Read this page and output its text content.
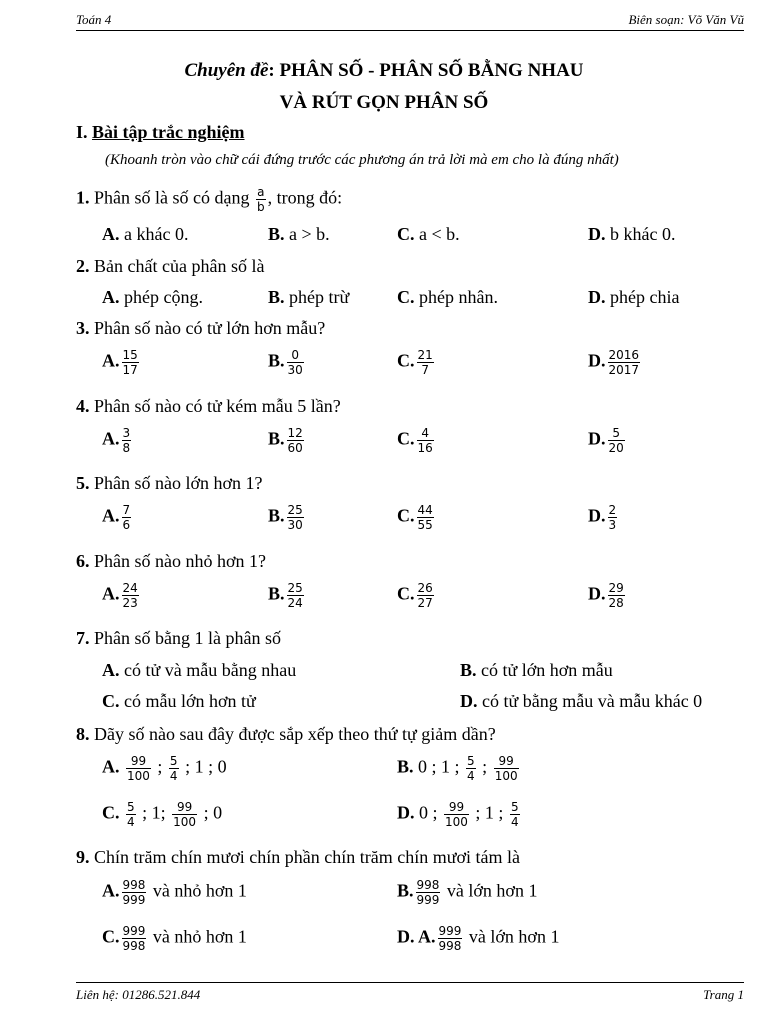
Toán 4	Biên soạn: Võ Văn Vũ
Chuyên đề: PHÂN SỐ - PHÂN SỐ BẰNG NHAU
VÀ RÚT GỌN PHÂN SỐ
I. Bài tập trắc nghiệm
(Khoanh tròn vào chữ cái đứng trước các phương án trả lời mà em cho là đúng nhất)
1. Phân số là số có dạng $\frac{a}{b}$ , trong đó:
A. a khác 0.	B. a > b.	C. a < b.	D. b khác 0.
2. Bản chất của phân số là
A. phép cộng.	B. phép trừ	C. phép nhân.	D. phép chia
3. Phân số nào có tử lớn hơn mẫu?
A. $\frac{15}{17}$	B. $\frac{0}{30}$	C. $\frac{21}{7}$	D. $\frac{2016}{2017}$
4. Phân số nào có tử kém mẫu 5 lần?
A. $\frac{3}{8}$	B. $\frac{12}{60}$	C. $\frac{4}{16}$	D. $\frac{5}{20}$
5. Phân số nào lớn hơn 1?
A. $\frac{7}{6}$	B. $\frac{25}{30}$	C. $\frac{44}{55}$	D. $\frac{2}{3}$
6. Phân số nào nhỏ hơn 1?
A. $\frac{24}{23}$	B. $\frac{25}{24}$	C. $\frac{26}{27}$	D. $\frac{29}{28}$
7. Phân số bằng 1 là phân số
A. có tử và mẫu bằng nhau	B. có tử lớn hơn mẫu
C. có mẫu lớn hơn tử	D. có tử bằng mẫu và mẫu khác 0
8. Dãy số nào sau đây được sắp xếp theo thứ tự giảm dần?
A. $\frac{99}{100}$ ; $\frac{5}{4}$ ; 1 ; 0	B. 0 ; 1 ; $\frac{5}{4}$ ; $\frac{99}{100}$
C. $\frac{5}{4}$ ; 1; $\frac{99}{100}$ ; 0	D. 0 ; $\frac{99}{100}$ ; 1 ; $\frac{5}{4}$
9. Chín trăm chín mươi chín phần chín trăm chín mươi tám là
A. $\frac{998}{999}$ và nhỏ hơn 1	B. $\frac{998}{999}$ và lớn hơn 1
C. $\frac{999}{998}$ và nhỏ hơn 1	D. A. $\frac{999}{998}$ và lớn hơn 1
Liên hệ: 01286.521.844	Trang 1
